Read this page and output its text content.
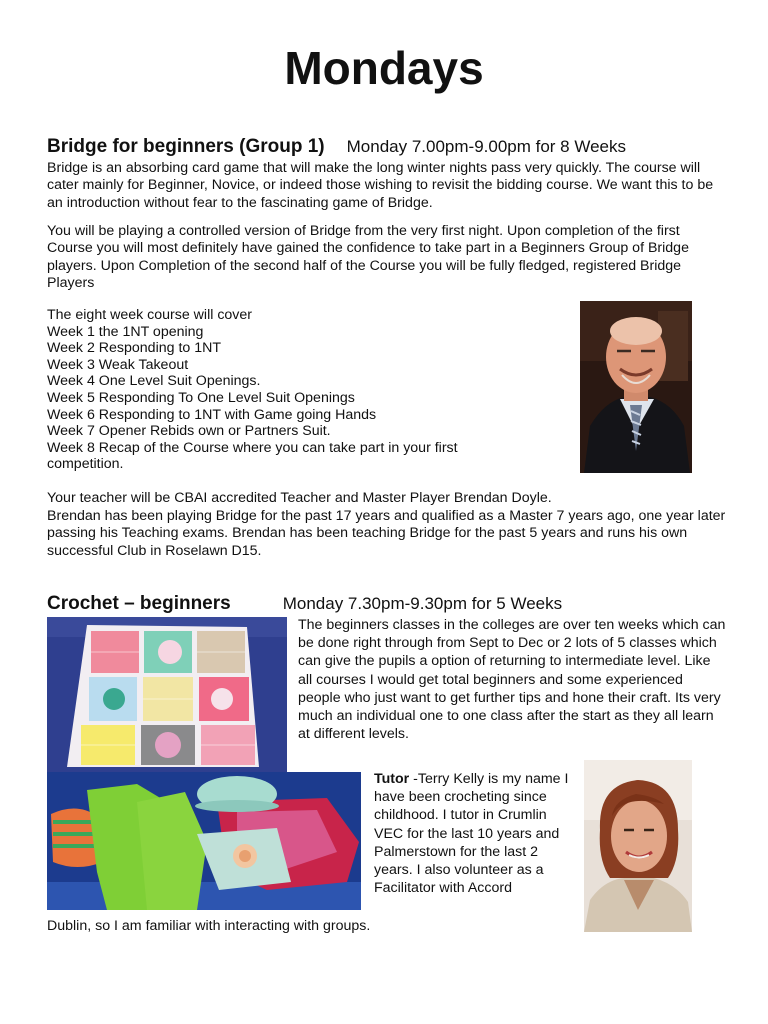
Mondays
Bridge for beginners (Group 1) Monday 7.00pm-9.00pm for 8 Weeks

Bridge is an absorbing card game that will make the long winter nights pass very quickly. The course will cater mainly for Beginner, Novice, or indeed those wishing to revisit the bidding course. We want this to be an introduction without fear to the fascinating game of Bridge.

You will be playing a controlled version of Bridge from the very first night. Upon completion of the first Course you will most definitely have gained the confidence to take part in a Beginners Group of Bridge players. Upon Completion of the second half of the Course you will be fully fledged, registered Bridge Players

The eight week course will cover
Week 1 the 1NT opening
Week 2 Responding to 1NT
Week 3 Weak Takeout
Week 4 One Level Suit Openings.
Week 5 Responding To One Level Suit Openings
Week 6 Responding to 1NT with Game going Hands
Week 7 Opener Rebids own or Partners Suit.
Week 8 Recap of the Course where you can take part in your first competition.

Your teacher will be CBAI accredited Teacher and Master Player Brendan Doyle.

Brendan has been playing Bridge for the past 17 years and qualified as a Master 7 years ago, one year later passing his Teaching exams. Brendan has been teaching Bridge for the past 5 years and runs his own successful Club in Roselawn D15.

Crochet – beginners	Monday 7.30pm-9.30pm for 5 Weeks

The beginners classes in the colleges are over ten weeks which can be done right through from Sept to Dec or 2 lots of 5 classes which can give the pupils a option of returning to intermediate level. Like all courses I would get total beginners and some experienced people who just want to get further tips and hone their craft. Its very much an individual one to one class after the start as they all learn at different levels.

Tutor -Terry Kelly is my name I have been crocheting since childhood. I tutor in Crumlin VEC for the last 10 years and Palmerstown for the last 2 years. I also volunteer as a Facilitator with Accord

Dublin, so I am familiar with interacting with groups.
